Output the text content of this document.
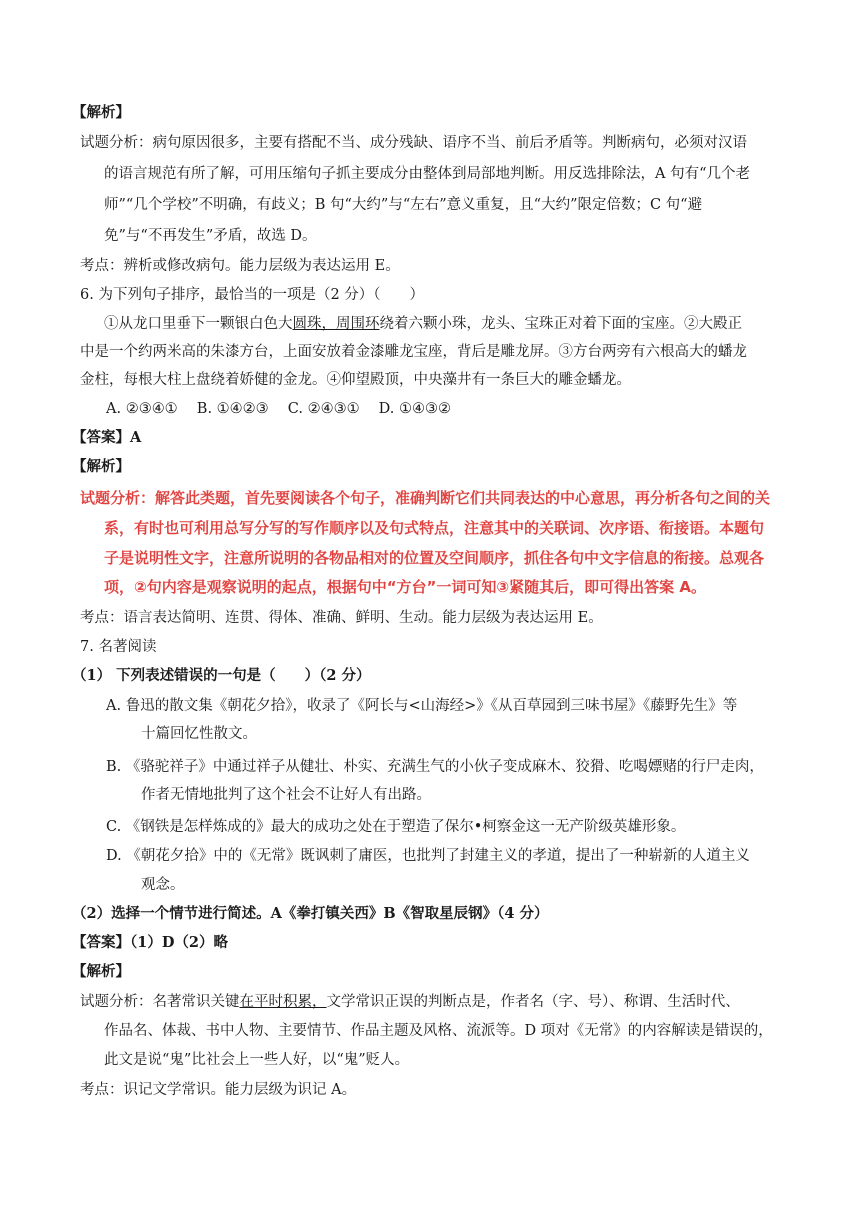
【解析】
试题分析：病句原因很多，主要有搭配不当、成分残缺、语序不当、前后矛盾等。判断病句，必须对汉语
的语言规范有所了解，可用压缩句子抓主要成分由整体到局部地判断。用反选排除法，A 句有“几个老
师”“几个学校”不明确，有歧义；B 句“大约”与“左右”意义重复，且“大约”限定倍数；C 句“避
免”与“不再发生”矛盾，故选 D。
考点：辨析或修改病句。能力层级为表达运用 E。
6. 为下列句子排序，最恰当的一项是（2 分）（　　）
①从龙口里垂下一颗银白色大圆珠，周围环绕着六颗小珠，龙头、宝珠正对着下面的宝座。②大殿正
中是一个约两米高的朱漆方台，上面安放着金漆雕龙宝座，背后是雕龙屏。③方台两旁有六根高大的蟠龙
金柱，每根大柱上盘绕着娇健的金龙。④仰望殿顶，中央藻井有一条巨大的雕金蟠龙。
A. ②③④①　 B. ①④②③　 C. ②④③①　 D. ①④③②
【答案】A
【解析】
试题分析：解答此类题，首先要阅读各个句子，准确判断它们共同表达的中心意思，再分析各句之间的关
系，有时也可利用总写分写的写作顺序以及句式特点，注意其中的关联词、次序语、衔接语。本题句
子是说明性文字，注意所说明的各物品相对的位置及空间顺序，抓住各句中文字信息的衔接。总观各
项，②句内容是观察说明的起点，根据句中“方台”一词可知③紧随其后，即可得出答案 A。
考点：语言表达简明、连贯、得体、准确、鲜明、生动。能力层级为表达运用 E。
7. 名著阅读
（1） 下列表述错误的一句是（　　）（2 分）
A. 鲁迅的散文集《朝花夕拾》，收录了《阿长与<山海经>》《从百草园到三味书屋》《藤野先生》等
十篇回忆性散文。
B. 《骆驼祥子》中通过祥子从健壮、朴实、充满生气的小伙子变成麻木、狡猾、吃喝嫖赌的行尸走肉，
作者无情地批判了这个社会不让好人有出路。
C. 《钢铁是怎样炼成的》最大的成功之处在于塑造了保尔•柯察金这一无产阶级英雄形象。
D. 《朝花夕拾》中的《无常》既讽刺了庸医，也批判了封建主义的孝道，提出了一种崭新的人道主义
观念。
（2）选择一个情节进行简述。A《拳打镇关西》B《智取星辰钢》（4 分）
【答案】（1）D（2）略
【解析】
试题分析：名著常识关键在平时积累，文学常识正误的判断点是，作者名（字、号）、称谓、生活时代、
作品名、体裁、书中人物、主要情节、作品主题及风格、流派等。D 项对《无常》的内容解读是错误的，
此文是说“鬼”比社会上一些人好，以“鬼”贬人。
考点：识记文学常识。能力层级为识记 A。
